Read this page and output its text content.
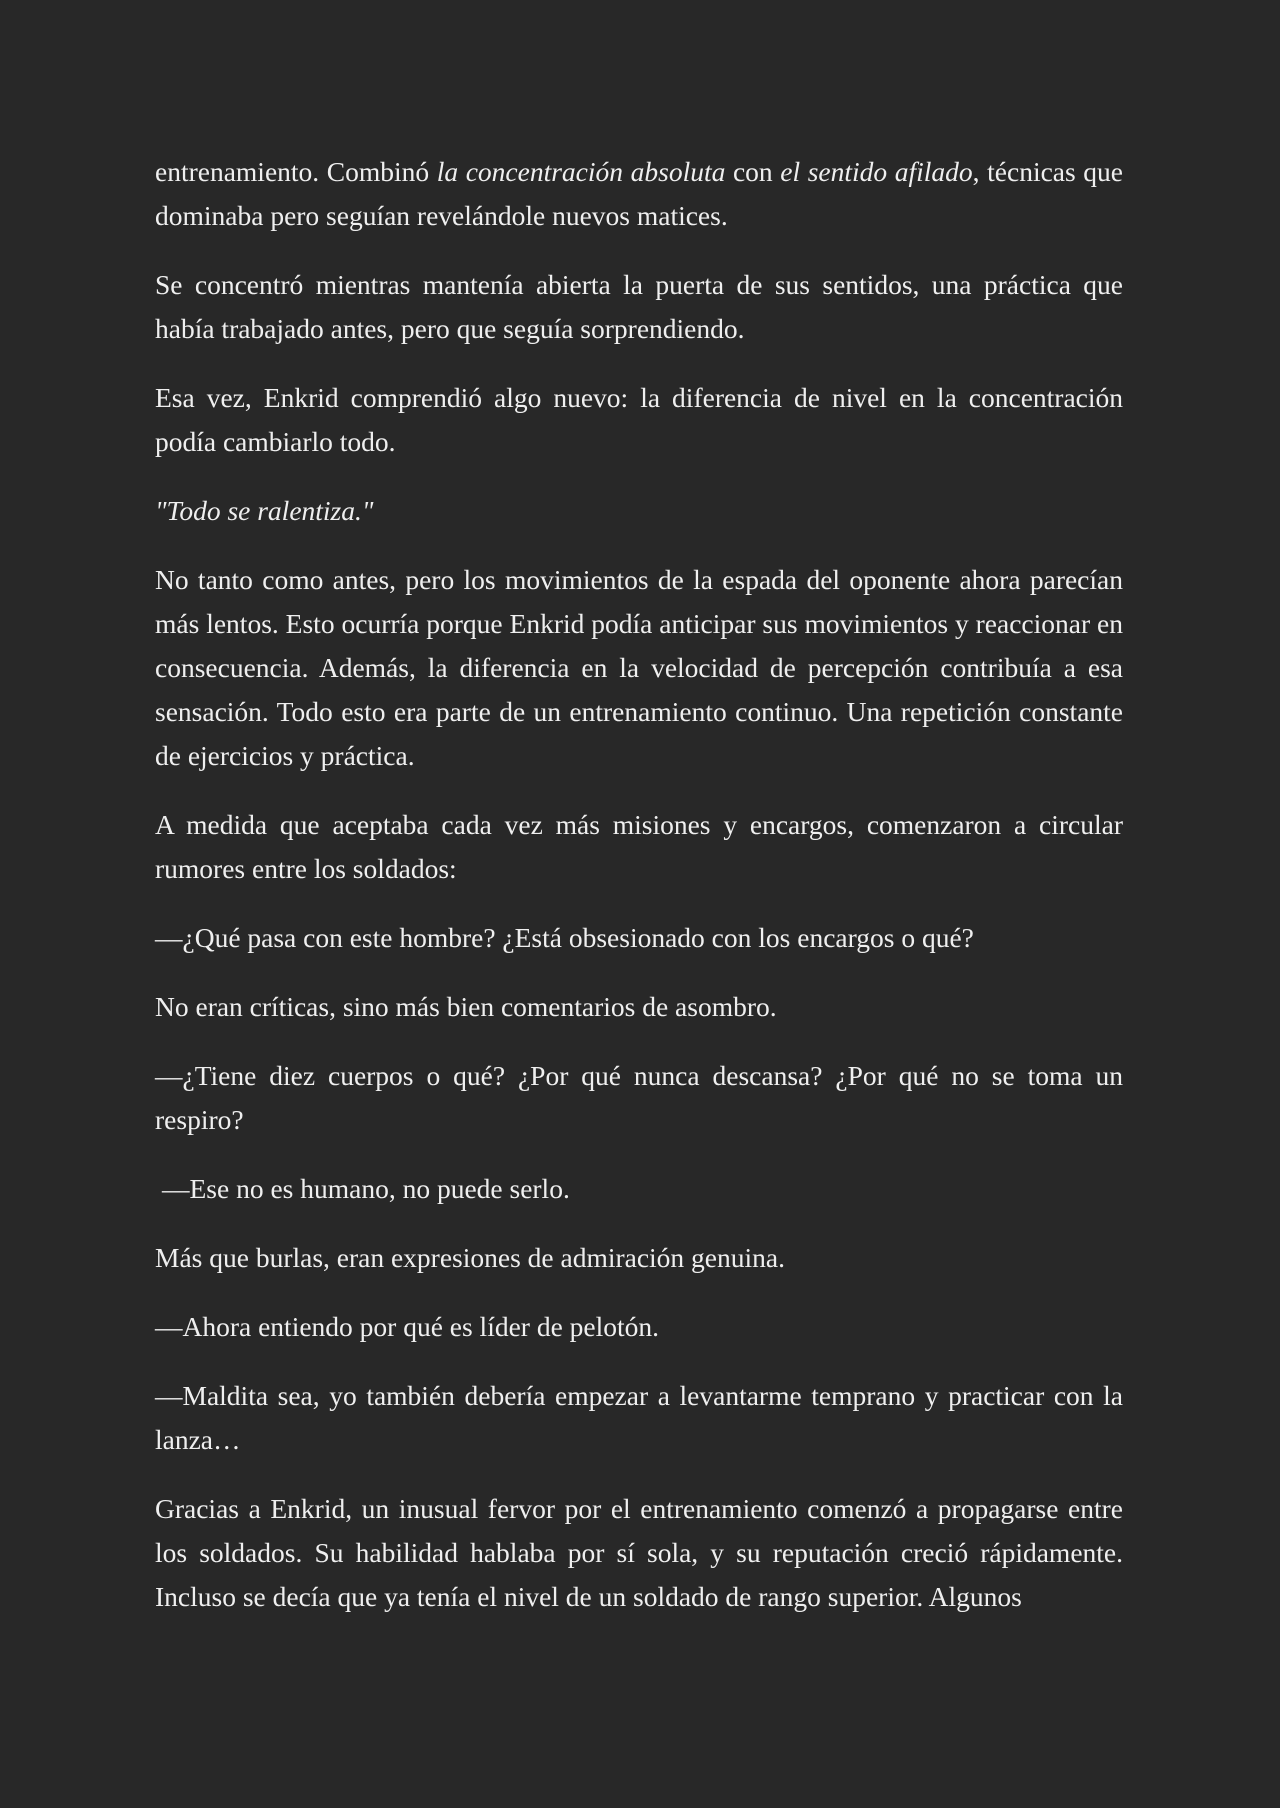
entrenamiento. Combinó la concentración absoluta con el sentido afilado, técnicas que dominaba pero seguían revelándole nuevos matices.

Se concentró mientras mantenía abierta la puerta de sus sentidos, una práctica que había trabajado antes, pero que seguía sorprendiendo.

Esa vez, Enkrid comprendió algo nuevo: la diferencia de nivel en la concentración podía cambiarlo todo.

"Todo se ralentiza."

No tanto como antes, pero los movimientos de la espada del oponente ahora parecían más lentos. Esto ocurría porque Enkrid podía anticipar sus movimientos y reaccionar en consecuencia. Además, la diferencia en la velocidad de percepción contribuía a esa sensación. Todo esto era parte de un entrenamiento continuo. Una repetición constante de ejercicios y práctica.

A medida que aceptaba cada vez más misiones y encargos, comenzaron a circular rumores entre los soldados:

—¿Qué pasa con este hombre? ¿Está obsesionado con los encargos o qué?

No eran críticas, sino más bien comentarios de asombro.

—¿Tiene diez cuerpos o qué? ¿Por qué nunca descansa? ¿Por qué no se toma un respiro?

—Ese no es humano, no puede serlo.

Más que burlas, eran expresiones de admiración genuina.

—Ahora entiendo por qué es líder de pelotón.

—Maldita sea, yo también debería empezar a levantarme temprano y practicar con la lanza…

Gracias a Enkrid, un inusual fervor por el entrenamiento comenzó a propagarse entre los soldados. Su habilidad hablaba por sí sola, y su reputación creció rápidamente. Incluso se decía que ya tenía el nivel de un soldado de rango superior. Algunos
